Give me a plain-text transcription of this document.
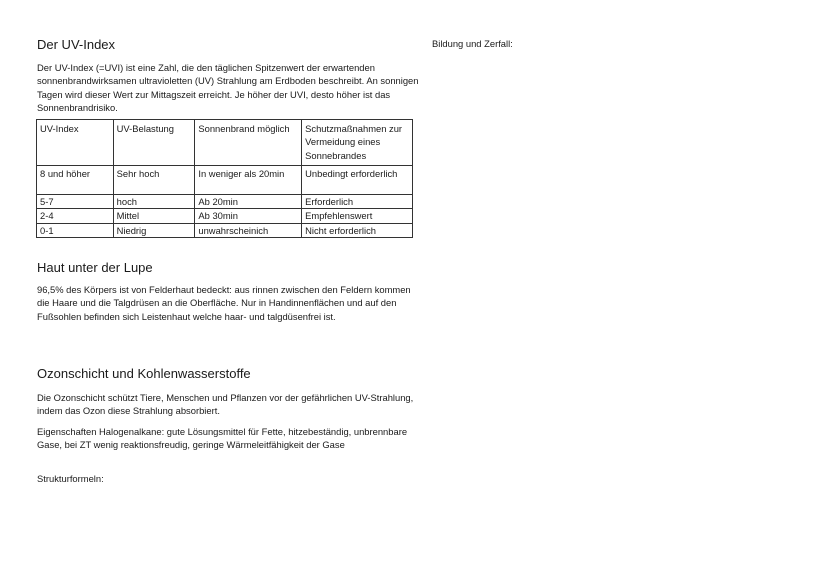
Der UV-Index

Der UV-Index (=UVI) ist eine Zahl, die den täglichen Spitzenwert der erwartenden sonnenbrandwirksamen ultravioletten (UV) Strahlung am Erdboden beschreibt. An sonnigen Tagen wird dieser Wert zur Mittagszeit erreicht. Je höher der UVI, desto höher ist das Sonnenbrandrisiko.

UV-Index	UV-Belastung	Sonnenbrand möglich	Schutzmaßnahmen zur Vermeidung eines Sonnebrandes
8 und höher	Sehr hoch	In weniger als 20min	Unbedingt erforderlich
5-7	hoch	Ab 20min	Erforderlich
2-4	Mittel	Ab 30min	Empfehlenswert
0-1	Niedrig	unwahrscheinich	Nicht erforderlich
Haut unter der Lupe

96,5% des Körpers ist von Felderhaut bedeckt: aus rinnen zwischen den Feldern kommen die Haare und die Talgdrüsen an die Oberfläche. Nur in Handinnenflächen und auf den Fußsohlen befinden sich Leistenhaut welche haar- und talgdüsenfrei ist.

Ozonschicht und Kohlenwasserstoffe

Die Ozonschicht schützt Tiere, Menschen und Pflanzen vor der gefährlichen UV-Strahlung, indem das Ozon diese Strahlung absorbiert.

Eigenschaften Halogenalkane: gute Lösungsmittel für Fette, hitzebeständig, unbrennbare Gase, bei ZT wenig reaktionsfreudig, geringe Wärmeleitfähigkeit der Gase

Strukturformeln:

Bildung und Zerfall:
